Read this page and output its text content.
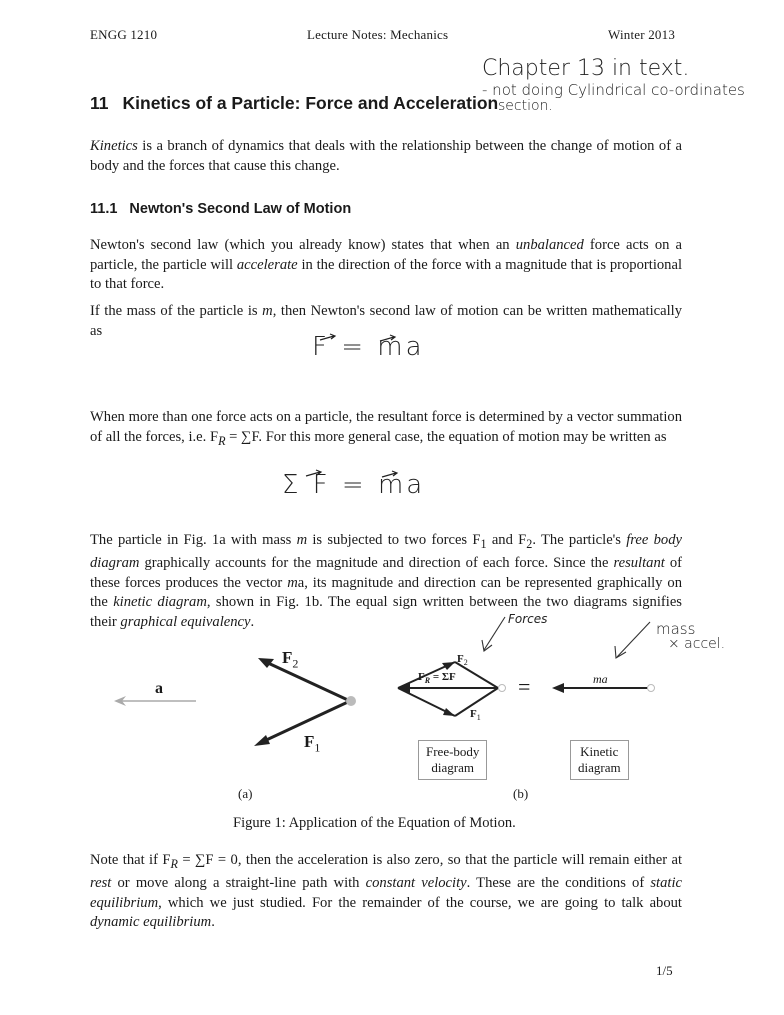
ENGG 1210	Lecture Notes: Mechanics	Winter 2013
Chapter 13 in text.
- not doing Cylindrical co-ordinates
section.
11 Kinetics of a Particle: Force and Acceleration

Kinetics is a branch of dynamics that deals with the relationship between the change of motion of a body and the forces that cause this change.

11.1 Newton's Second Law of Motion

Newton's second law (which you already know) states that when an unbalanced force acts on a particle, the particle will accelerate in the direction of the force with a magnitude that is proportional to that force.

If the mass of the particle is m, then Newton's second law of motion can be written mathematically as

F = ma

When more than one force acts on a particle, the resultant force is determined by a vector summation of all the forces, i.e. $F_R = \sum F$. For this more general case, the equation of motion may be written as

Σ F = ma

The particle in Fig. 1a with mass m is subjected to two forces $F_1$ and $F_2$. The particle's free body diagram graphically accounts for the magnitude and direction of each force. Since the resultant of these forces produces the vector ma, its magnitude and direction can be represented graphically on the kinetic diagram, shown in Fig. 1b. The equal sign written between the two diagrams signifies their graphical equivalency.	Forces
mass
× accel.
a
$F_2$
$F_1$
$F_R = \Sigma F$
$F_2$
$F_1$
=	ma
Free-body
diagram
Kinetic
diagram
(a)	(b)
Figure 1: Application of the Equation of Motion.

Note that if $F_R = \sum F = 0$, then the acceleration is also zero, so that the particle will remain either at rest or move along a straight-line path with constant velocity. These are the conditions of static equilibrium, which we just studied. For the remainder of the course, we are going to talk about dynamic equilibrium.

1/5
